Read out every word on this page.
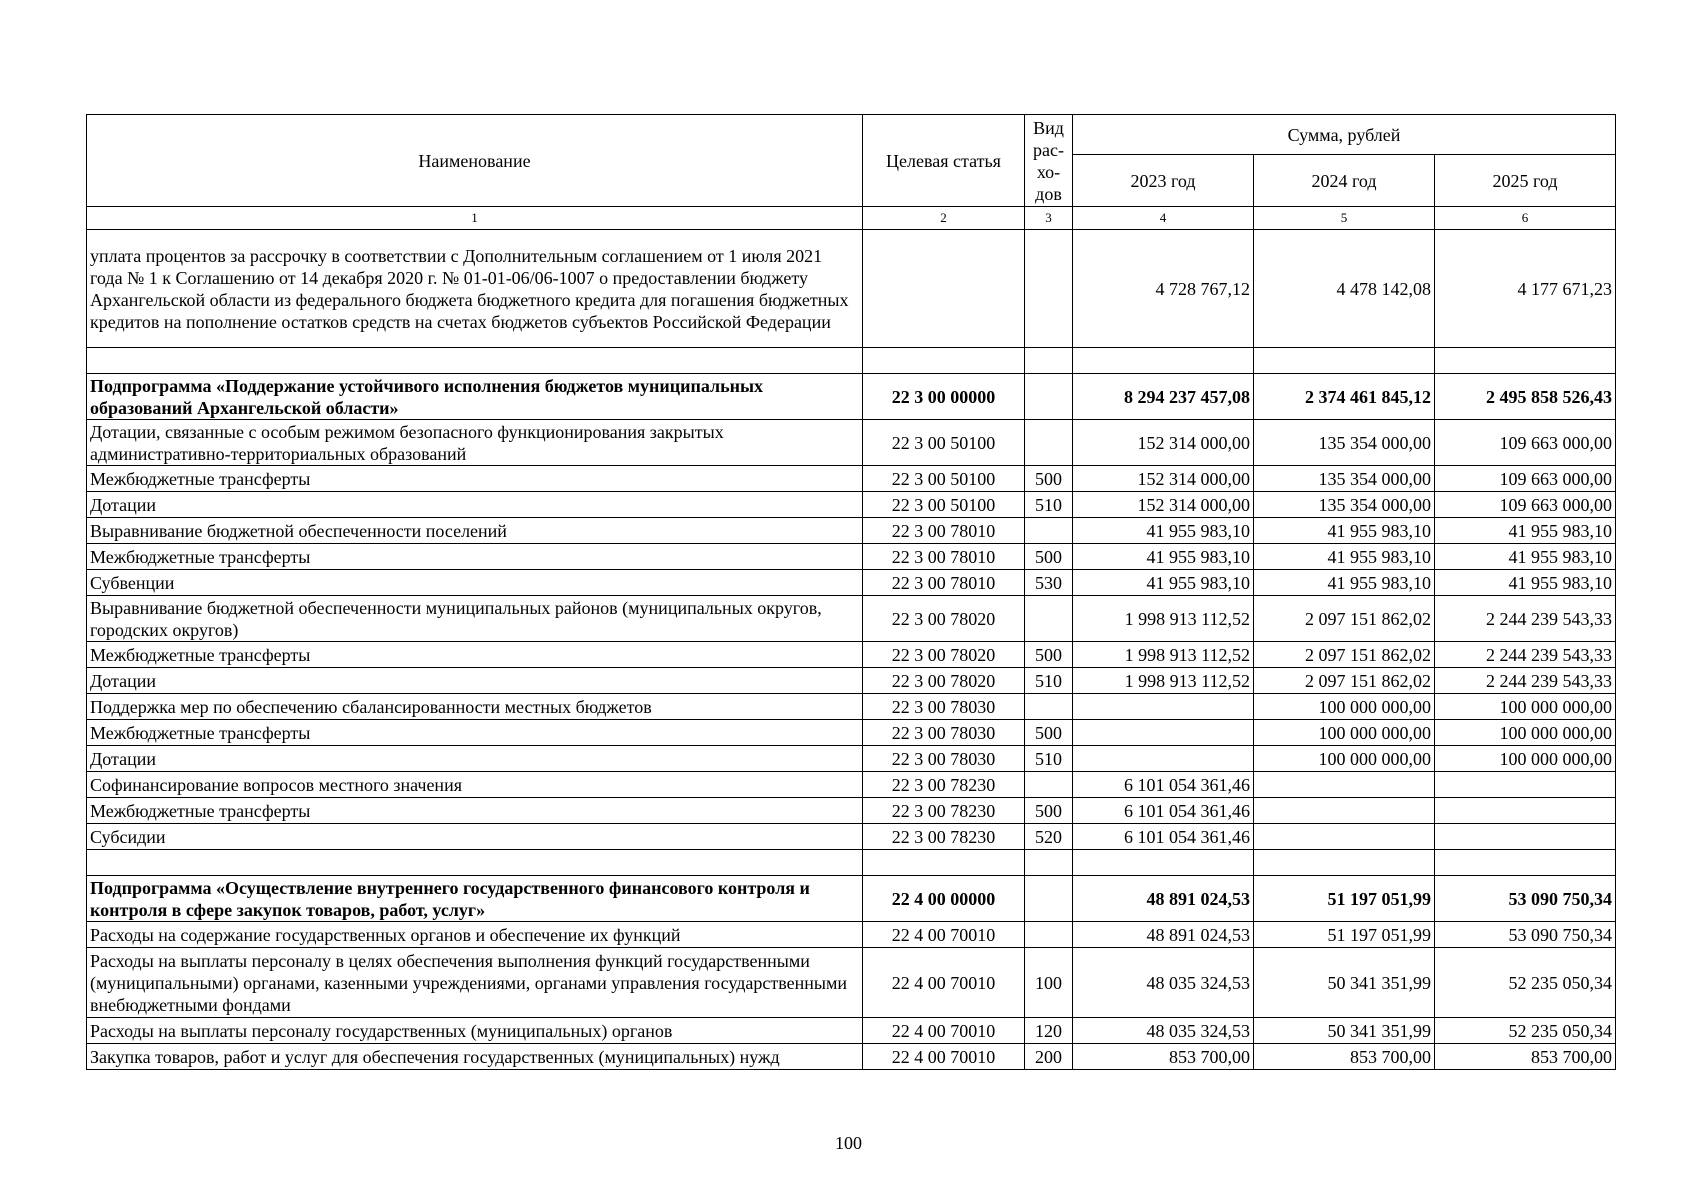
Наименование	Целевая статья	Вид рас-хо-дов	Сумма, рублей		
			2023 год	2024 год	2025 год
1	2	3	4	5	6
уплата процентов за рассрочку в соответствии с Дополнительным соглашением от 1 июля 2021 года № 1 к Соглашению от 14 декабря 2020 г. № 01-01-06/06-1007 о предоставлении бюджету Архангельской области из федерального бюджета бюджетного кредита для погашения бюджетных кредитов на пополнение остатков средств на счетах бюджетов субъектов Российской Федерации			4 728 767,12	4 478 142,08	4 177 671,23

Подпрограмма «Поддержание устойчивого исполнения бюджетов муниципальных образований Архангельской области»	22 3 00 00000		8 294 237 457,08	2 374 461 845,12	2 495 858 526,43
Дотации, связанные с особым режимом безопасного функционирования закрытых административно-территориальных образований	22 3 00 50100		152 314 000,00	135 354 000,00	109 663 000,00
Межбюджетные трансферты	22 3 00 50100	500	152 314 000,00	135 354 000,00	109 663 000,00
Дотации	22 3 00 50100	510	152 314 000,00	135 354 000,00	109 663 000,00
Выравнивание бюджетной обеспеченности поселений	22 3 00 78010		41 955 983,10	41 955 983,10	41 955 983,10
Межбюджетные трансферты	22 3 00 78010	500	41 955 983,10	41 955 983,10	41 955 983,10
Субвенции	22 3 00 78010	530	41 955 983,10	41 955 983,10	41 955 983,10
Выравнивание бюджетной обеспеченности муниципальных районов (муниципальных округов, городских округов)	22 3 00 78020		1 998 913 112,52	2 097 151 862,02	2 244 239 543,33
Межбюджетные трансферты	22 3 00 78020	500	1 998 913 112,52	2 097 151 862,02	2 244 239 543,33
Дотации	22 3 00 78020	510	1 998 913 112,52	2 097 151 862,02	2 244 239 543,33
Поддержка мер по обеспечению сбалансированности местных бюджетов	22 3 00 78030			100 000 000,00	100 000 000,00
Межбюджетные трансферты	22 3 00 78030	500		100 000 000,00	100 000 000,00
Дотации	22 3 00 78030	510		100 000 000,00	100 000 000,00
Софинансирование вопросов местного значения	22 3 00 78230		6 101 054 361,46		
Межбюджетные трансферты	22 3 00 78230	500	6 101 054 361,46		
Субсидии	22 3 00 78230	520	6 101 054 361,46		

Подпрограмма «Осуществление внутреннего государственного финансового контроля и контроля в сфере закупок товаров, работ, услуг»	22 4 00 00000		48 891 024,53	51 197 051,99	53 090 750,34
Расходы на содержание государственных органов и обеспечение их функций	22 4 00 70010		48 891 024,53	51 197 051,99	53 090 750,34
Расходы на выплаты персоналу в целях обеспечения выполнения функций государственными (муниципальными) органами, казенными учреждениями, органами управления государственными внебюджетными фондами	22 4 00 70010	100	48 035 324,53	50 341 351,99	52 235 050,34
Расходы на выплаты персоналу государственных (муниципальных) органов	22 4 00 70010	120	48 035 324,53	50 341 351,99	52 235 050,34
Закупка товаров, работ и услуг для обеспечения государственных (муниципальных) нужд	22 4 00 70010	200	853 700,00	853 700,00	853 700,00
100
